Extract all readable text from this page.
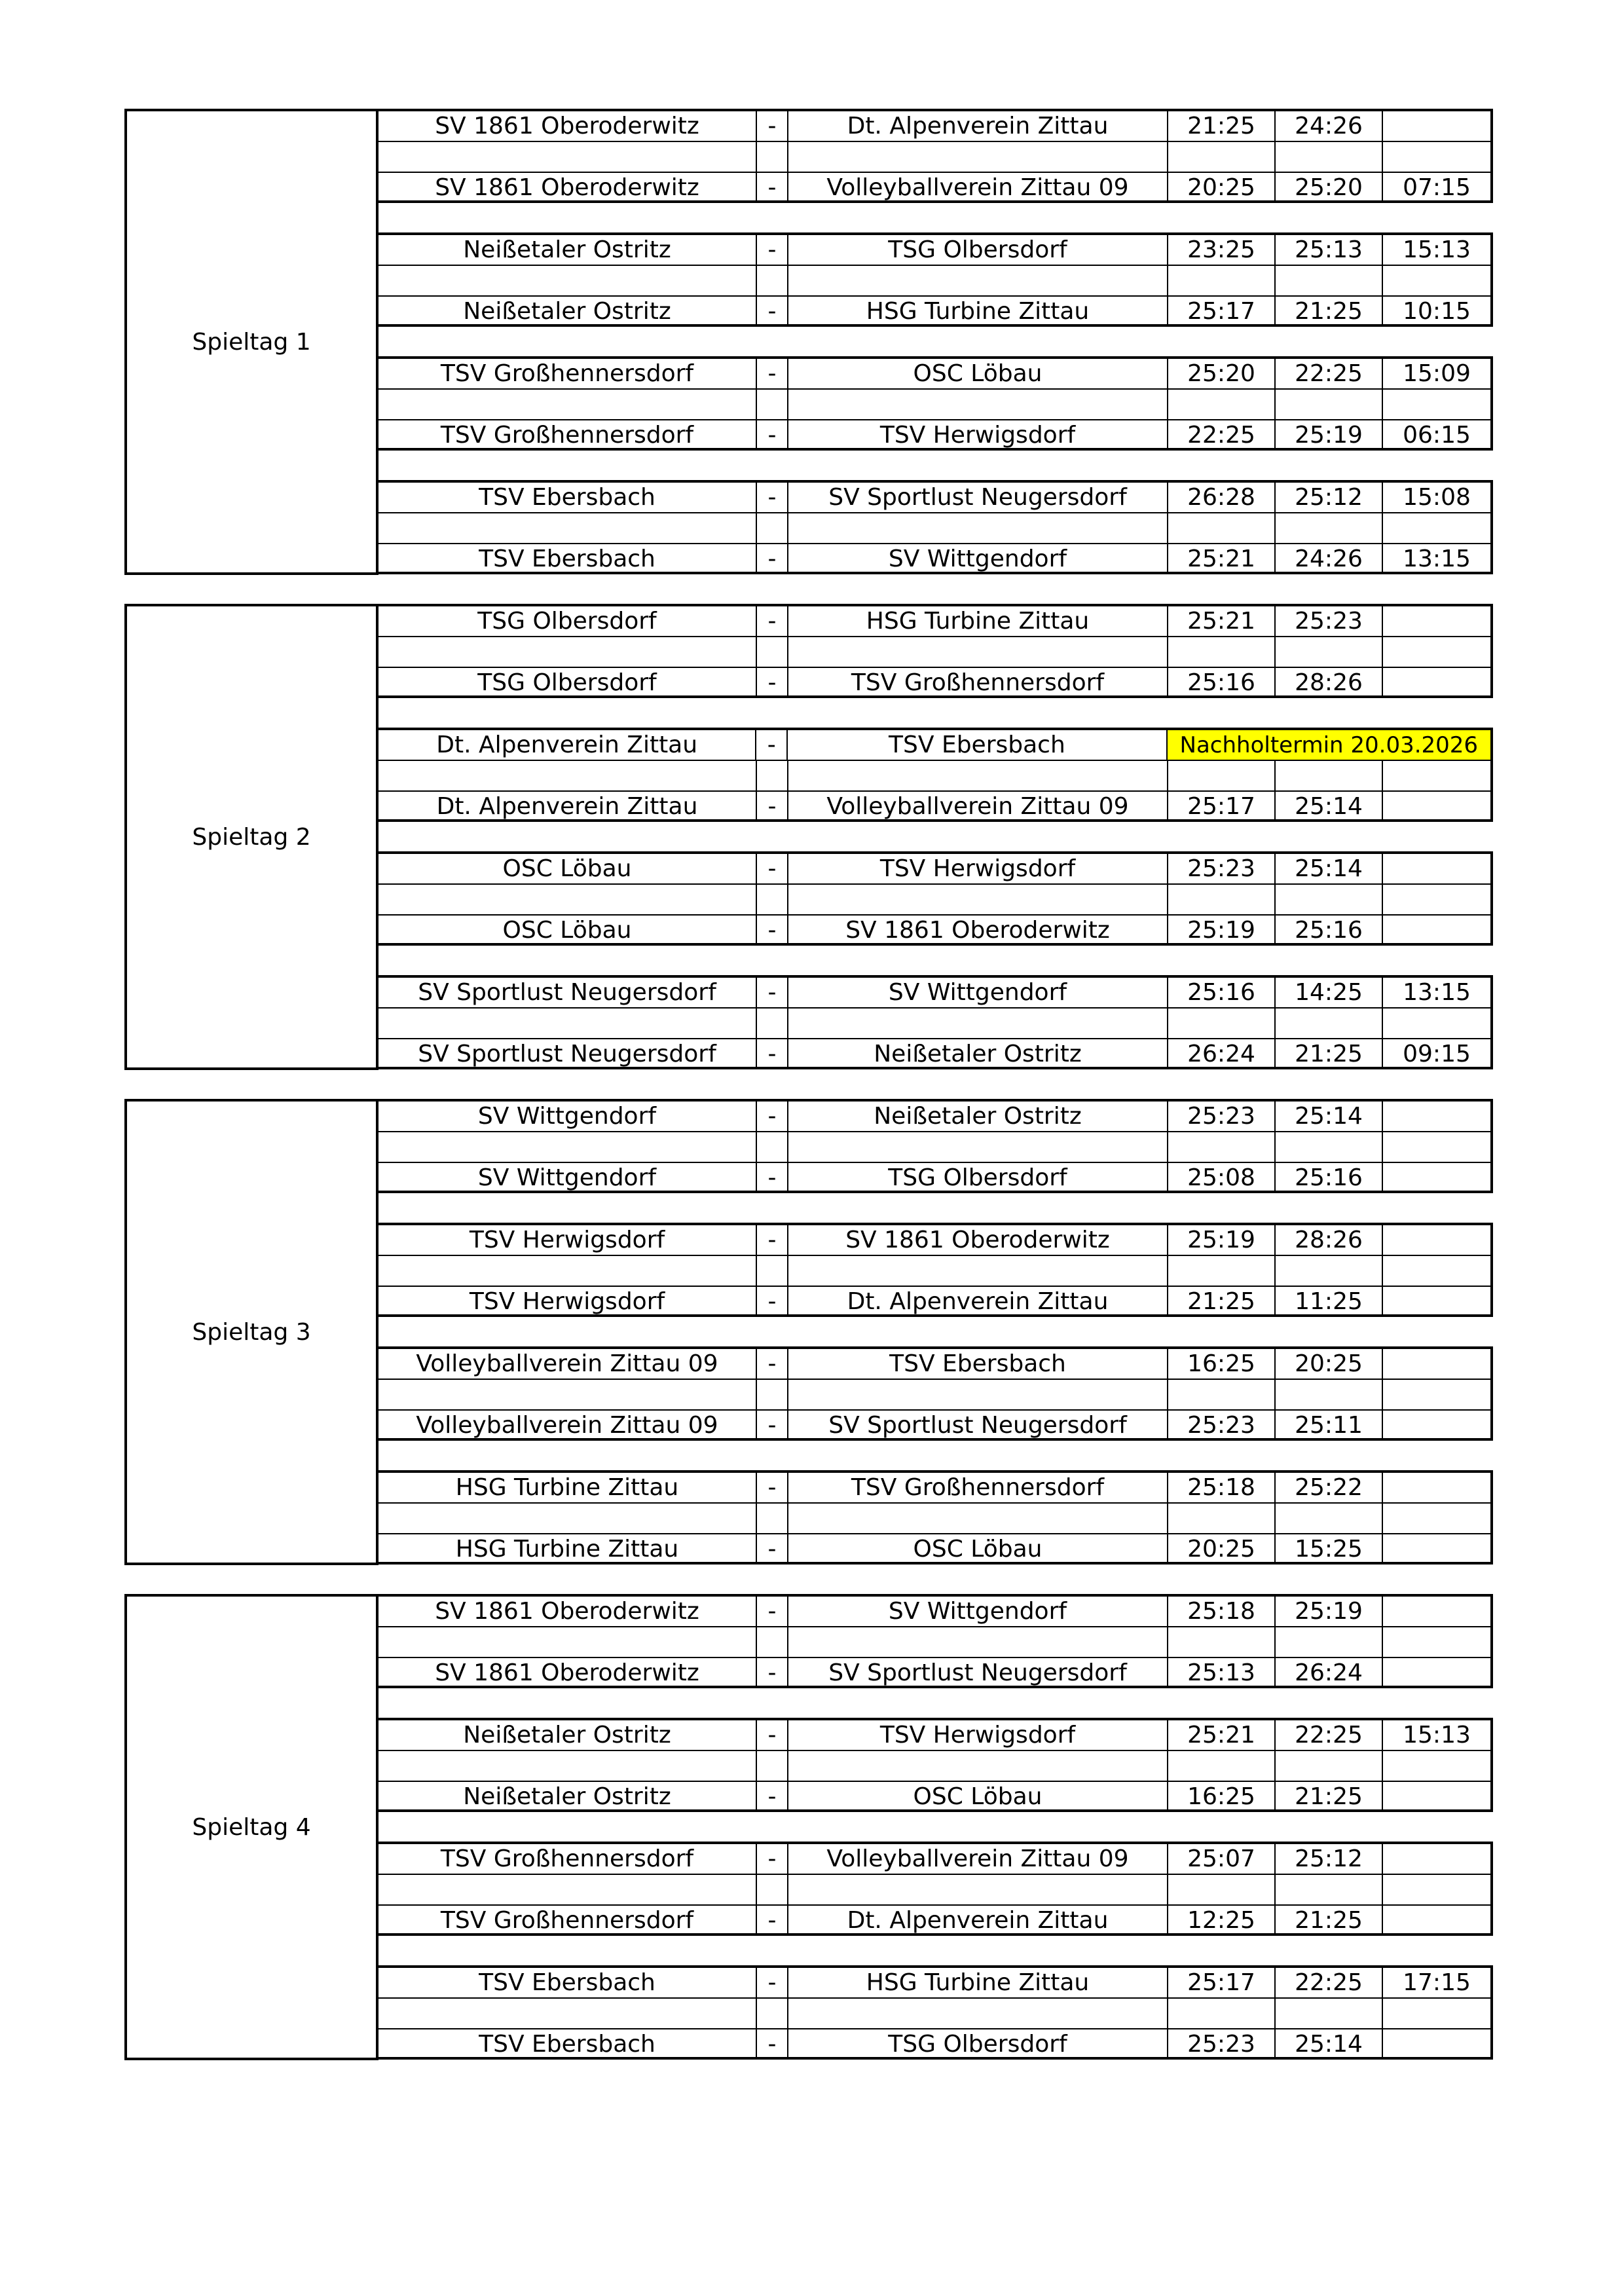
Spieltag 1
SV 1861 Oberoderwitz	-	Dt. Alpenverein Zittau	21:25	24:26
SV 1861 Oberoderwitz	-	Volleyballverein Zittau 09	20:25	25:20	07:15
Neißetaler Ostritz	-	TSG Olbersdorf	23:25	25:13	15:13
Neißetaler Ostritz	-	HSG Turbine Zittau	25:17	21:25	10:15
TSV Großhennersdorf	-	OSC Löbau	25:20	22:25	15:09
TSV Großhennersdorf	-	TSV Herwigsdorf	22:25	25:19	06:15
TSV Ebersbach	-	SV Sportlust Neugersdorf	26:28	25:12	15:08
TSV Ebersbach	-	SV Wittgendorf	25:21	24:26	13:15
Spieltag 2
TSG Olbersdorf	-	HSG Turbine Zittau	25:21	25:23
TSG Olbersdorf	-	TSV Großhennersdorf	25:16	28:26
Dt. Alpenverein Zittau	-	TSV Ebersbach	Nachholtermin 20.03.2026
Dt. Alpenverein Zittau	-	Volleyballverein Zittau 09	25:17	25:14
OSC Löbau	-	TSV Herwigsdorf	25:23	25:14
OSC Löbau	-	SV 1861 Oberoderwitz	25:19	25:16
SV Sportlust Neugersdorf	-	SV Wittgendorf	25:16	14:25	13:15
SV Sportlust Neugersdorf	-	Neißetaler Ostritz	26:24	21:25	09:15
Spieltag 3
SV Wittgendorf	-	Neißetaler Ostritz	25:23	25:14
SV Wittgendorf	-	TSG Olbersdorf	25:08	25:16
TSV Herwigsdorf	-	SV 1861 Oberoderwitz	25:19	28:26
TSV Herwigsdorf	-	Dt. Alpenverein Zittau	21:25	11:25
Volleyballverein Zittau 09	-	TSV Ebersbach	16:25	20:25
Volleyballverein Zittau 09	-	SV Sportlust Neugersdorf	25:23	25:11
HSG Turbine Zittau	-	TSV Großhennersdorf	25:18	25:22
HSG Turbine Zittau	-	OSC Löbau	20:25	15:25
Spieltag 4
SV 1861 Oberoderwitz	-	SV Wittgendorf	25:18	25:19
SV 1861 Oberoderwitz	-	SV Sportlust Neugersdorf	25:13	26:24
Neißetaler Ostritz	-	TSV Herwigsdorf	25:21	22:25	15:13
Neißetaler Ostritz	-	OSC Löbau	16:25	21:25
TSV Großhennersdorf	-	Volleyballverein Zittau 09	25:07	25:12
TSV Großhennersdorf	-	Dt. Alpenverein Zittau	12:25	21:25
TSV Ebersbach	-	HSG Turbine Zittau	25:17	22:25	17:15
TSV Ebersbach	-	TSG Olbersdorf	25:23	25:14
